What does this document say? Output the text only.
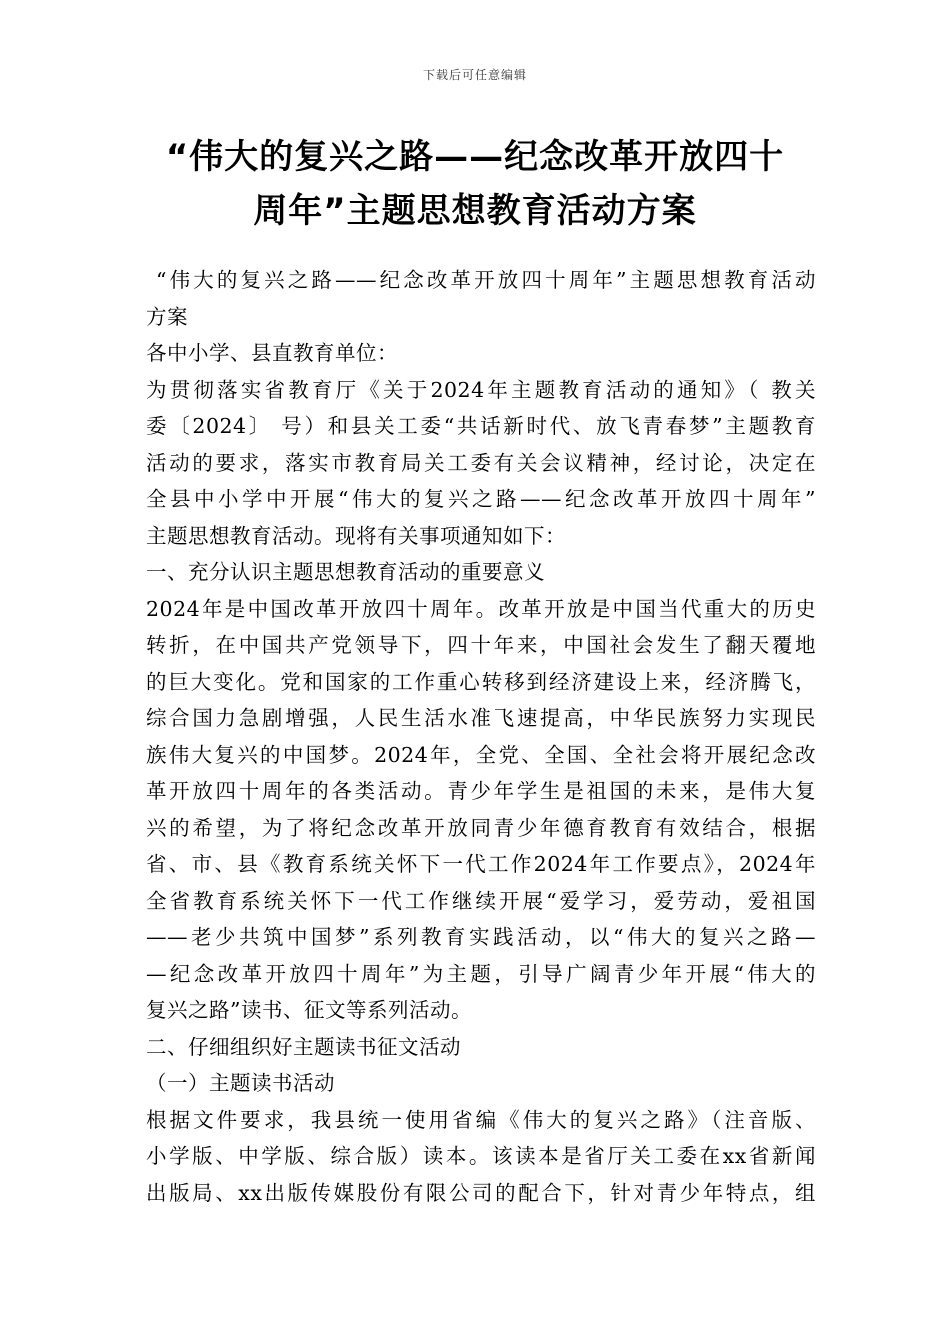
下载后可任意编辑
“伟大的复兴之路——纪念改革开放四十
周年”主题思想教育活动方案
“伟大的复兴之路——纪念改革开放四十周年”主题思想教育活动
方案
各中小学、县直教育单位：
为贯彻落实省教育厅《关于2024年主题教育活动的通知》（ 教关
委〔2024〕 号）和县关工委“共话新时代、放飞青春梦”主题教育
活动的要求，落实市教育局关工委有关会议精神，经讨论，决定在
全县中小学中开展“伟大的复兴之路——纪念改革开放四十周年”
主题思想教育活动。现将有关事项通知如下：
一、充分认识主题思想教育活动的重要意义
2024年是中国改革开放四十周年。改革开放是中国当代重大的历史
转折，在中国共产党领导下，四十年来，中国社会发生了翻天覆地
的巨大变化。党和国家的工作重心转移到经济建设上来，经济腾飞，
综合国力急剧增强，人民生活水准飞速提高，中华民族努力实现民
族伟大复兴的中国梦。2024年，全党、全国、全社会将开展纪念改
革开放四十周年的各类活动。青少年学生是祖国的未来，是伟大复
兴的希望，为了将纪念改革开放同青少年德育教育有效结合，根据
省、市、县《教育系统关怀下一代工作2024年工作要点》，2024年
全省教育系统关怀下一代工作继续开展“爱学习，爱劳动，爱祖国
——老少共筑中国梦”系列教育实践活动，以“伟大的复兴之路—
—纪念改革开放四十周年”为主题，引导广阔青少年开展“伟大的
复兴之路”读书、征文等系列活动。
二、仔细组织好主题读书征文活动
（一）主题读书活动
根据文件要求，我县统一使用省编《伟大的复兴之路》（注音版、
小学版、中学版、综合版）读本。该读本是省厅关工委在xx省新闻
出版局、xx出版传媒股份有限公司的配合下，针对青少年特点，组
